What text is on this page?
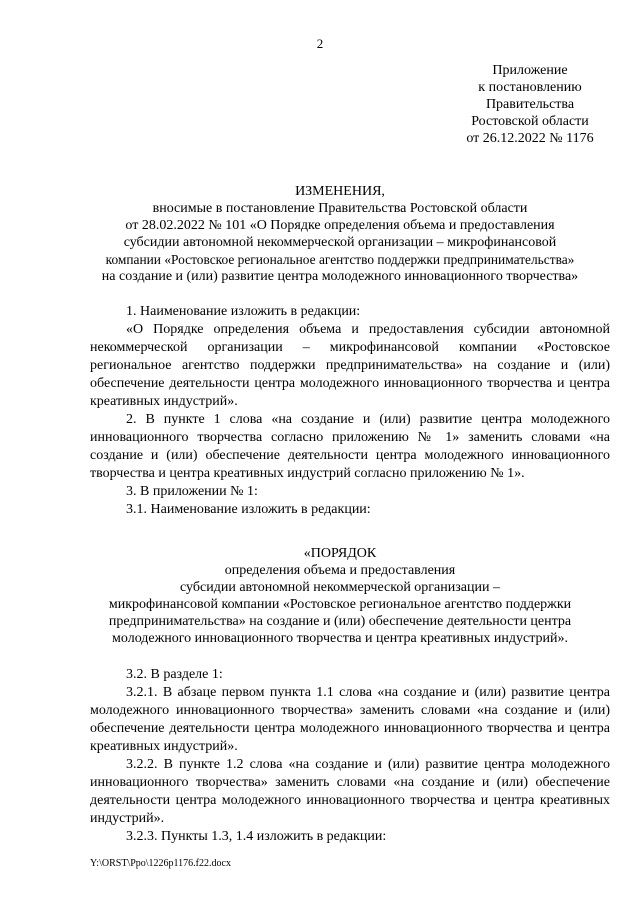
2
Приложение
к постановлению
Правительства
Ростовской области
от 26.12.2022 № 1176
ИЗМЕНЕНИЯ,
вносимые в постановление Правительства Ростовской области
от 28.02.2022 № 101 «О Порядке определения объема и предоставления
субсидии автономной некоммерческой организации – микрофинансовой
компании «Ростовское региональное агентство поддержки предпринимательства»
на создание и (или) развитие центра молодежного инновационного творчества»

1. Наименование изложить в редакции:

«О Порядке определения объема и предоставления субсидии автономной некоммерческой организации – микрофинансовой компании «Ростовское региональное агентство поддержки предпринимательства» на создание и (или) обеспечение деятельности центра молодежного инновационного творчества и центра креативных индустрий».

2. В пункте 1 слова «на создание и (или) развитие центра молодежного инновационного творчества согласно приложению № 1» заменить словами «на создание и (или) обеспечение деятельности центра молодежного инновационного творчества и центра креативных индустрий согласно приложению № 1».

3. В приложении № 1:

3.1. Наименование изложить в редакции:

«ПОРЯДОК
определения объема и предоставления
субсидии автономной некоммерческой организации –
микрофинансовой компании «Ростовское региональное агентство поддержки
предпринимательства» на создание и (или) обеспечение деятельности центра
молодежного инновационного творчества и центра креативных индустрий».

3.2. В разделе 1:

3.2.1. В абзаце первом пункта 1.1 слова «на создание и (или) развитие центра молодежного инновационного творчества» заменить словами «на создание и (или) обеспечение деятельности центра молодежного инновационного творчества и центра креативных индустрий».

3.2.2. В пункте 1.2 слова «на создание и (или) развитие центра молодежного инновационного творчества» заменить словами «на создание и (или) обеспечение деятельности центра молодежного инновационного творчества и центра креативных индустрий».

3.2.3. Пункты 1.3, 1.4 изложить в редакции:

Y:\ORST\Ppo\1226p1176.f22.docx
